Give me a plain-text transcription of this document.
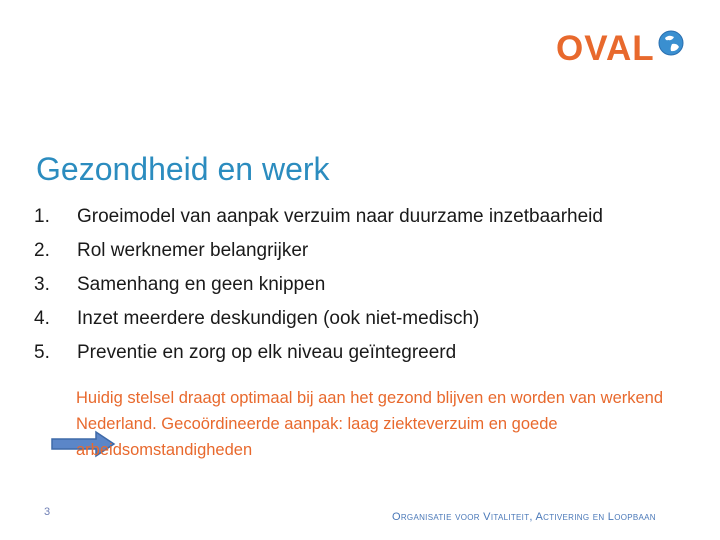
OVAL
Gezondheid en werk
1.	Groeimodel van aanpak verzuim naar duurzame inzetbaarheid
2.	Rol werknemer belangrijker
3.	Samenhang en geen knippen
4.	Inzet meerdere deskundigen (ook niet-medisch)
5.	Preventie en zorg op elk niveau geïntegreerd
Huidig stelsel draagt optimaal bij aan het gezond blijven en worden van werkend Nederland. Gecoördineerde aanpak: laag ziekteverzuim en goede arbeidsomstandigheden
3	Organisatie voor Vitaliteit, Activering en Loopbaan
